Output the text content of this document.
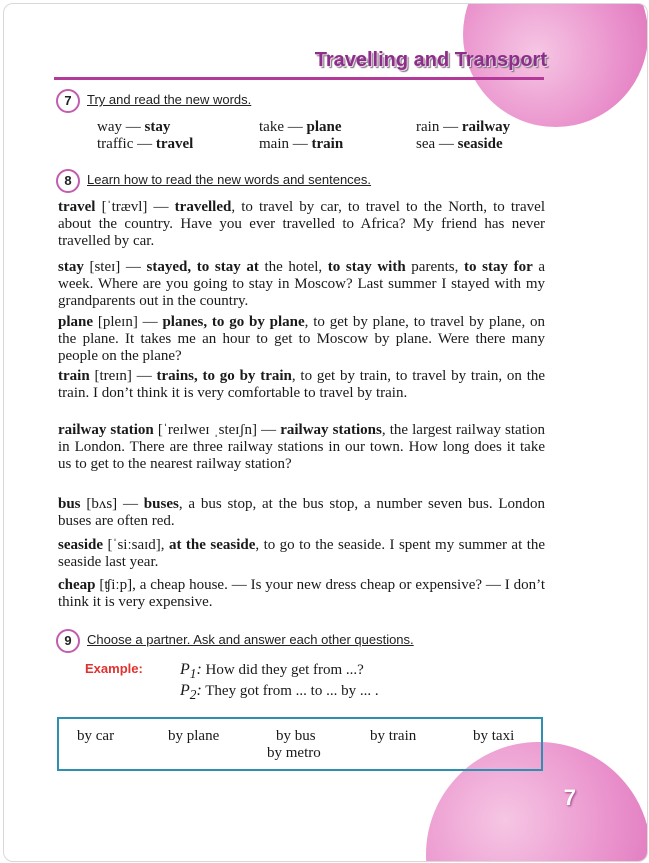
Travelling and Transport
7	Try and read the new words.
way — stay	take — plane	rain — railway
traffic — travel	main — train	sea — seaside
8	Learn how to read the new words and sentences.
travel [ˈtrævl] — travelled, to travel by car, to travel to the North, to travel about the country. Have you ever travelled to Africa? My friend has never travelled by car.
stay [steɪ] — stayed, to stay at the hotel, to stay with parents, to stay for a week. Where are you going to stay in Moscow? Last summer I stayed with my grandparents out in the country.
plane [pleɪn] — planes, to go by plane, to get by plane, to travel by plane, on the plane. It takes me an hour to get to Moscow by plane. Were there many people on the plane?
train [treɪn] — trains, to go by train, to get by train, to travel by train, on the train. I don’t think it is very comfortable to travel by train.
railway station [ˈreɪlweɪ ˌsteɪʃn] — railway stations, the largest railway station in London. There are three railway stations in our town. How long does it take us to get to the nearest railway station?
bus [bʌs] — buses, a bus stop, at the bus stop, a number seven bus. London buses are often red.
seaside [ˈsiːsaɪd], at the seaside, to go to the seaside. I spent my summer at the seaside last year.
cheap [ʧiːp], a cheap house. — Is your new dress cheap or expensive? — I don’t think it is very expensive.
9	Choose a partner. Ask and answer each other questions.
Example: $P_1$: How did they get from ...?
$P_2$: They got from ... to ... by ... .
by car	by plane	by bus	by train	by taxi
by metro
7
